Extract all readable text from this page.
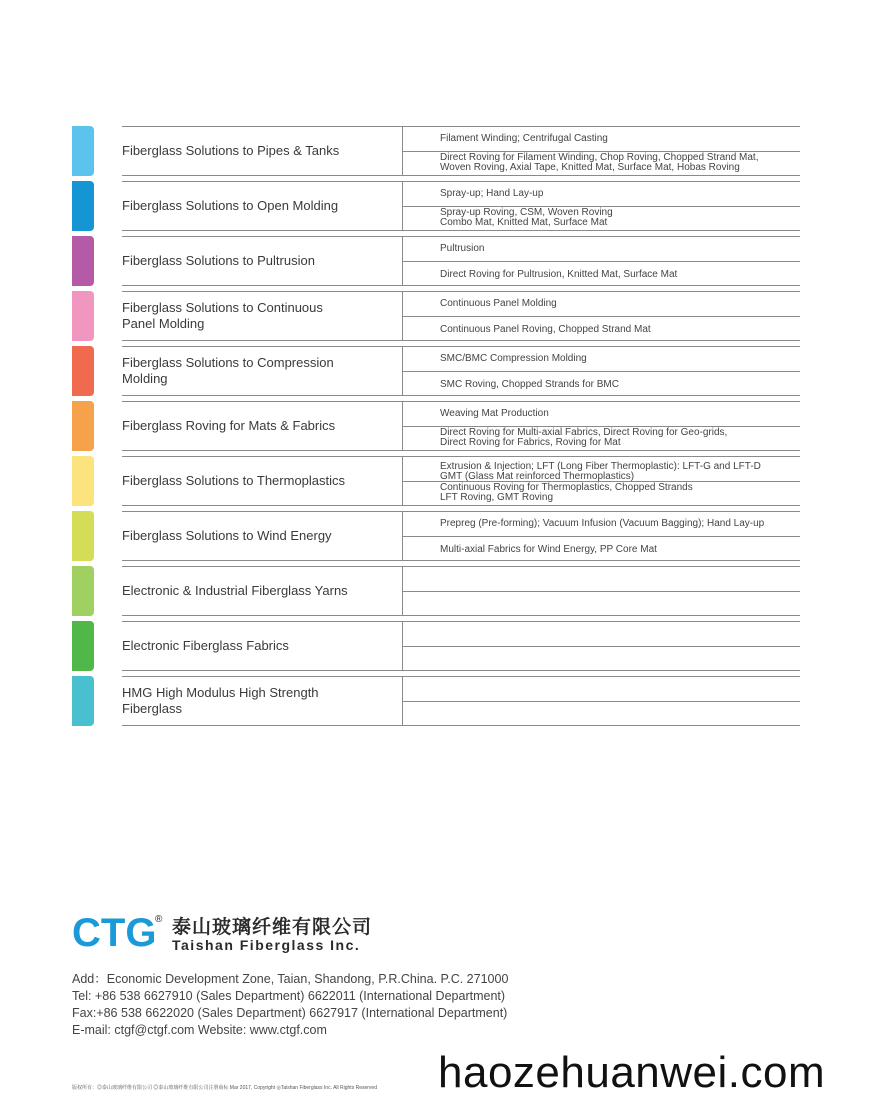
Fiberglass Solutions to Pipes & Tanks
Filament Winding; Centrifugal Casting
Direct Roving for Filament Winding, Chop Roving, Chopped Strand Mat,
Woven Roving, Axial Tape, Knitted Mat, Surface Mat, Hobas Roving
Fiberglass Solutions to Open Molding
Spray-up; Hand Lay-up
Spray-up Roving, CSM, Woven Roving
Combo Mat, Knitted Mat, Surface Mat
Fiberglass Solutions to Pultrusion
Pultrusion
Direct Roving for Pultrusion, Knitted Mat, Surface Mat
Fiberglass Solutions to Continuous
Panel Molding
Continuous Panel Molding
Continuous Panel Roving, Chopped Strand Mat
Fiberglass Solutions to Compression
Molding
SMC/BMC Compression Molding
SMC Roving, Chopped Strands for BMC
Fiberglass Roving for Mats & Fabrics
Weaving Mat Production
Direct Roving for Multi-axial Fabrics, Direct Roving for Geo-grids,
Direct Roving for Fabrics, Roving for Mat
Fiberglass Solutions to Thermoplastics
Extrusion & Injection; LFT (Long Fiber Thermoplastic): LFT-G and LFT-D
GMT (Glass Mat reinforced Thermoplastics)
Continuous Roving for Thermoplastics, Chopped Strands
LFT Roving, GMT Roving
Fiberglass Solutions to Wind Energy
Prepreg (Pre-forming); Vacuum Infusion (Vacuum Bagging); Hand Lay-up
Multi-axial Fabrics for Wind Energy, PP Core Mat
Electronic & Industrial Fiberglass Yarns
Electronic Fiberglass Fabrics
HMG High Modulus High Strength
Fiberglass
CTG
® 泰山玻璃纤维有限公司
Taishan Fiberglass Inc.
Add：Economic Development Zone, Taian, Shandong, P.R.China. P.C. 271000
Tel: +86 538 6627910 (Sales Department) 6622011 (International Department)
Fax:+86 538 6622020 (Sales Department) 6627917 (International Department)
E-mail: ctgf@ctgf.com Website: www.ctgf.com
版权所有：◎泰山玻璃纤维有限公司 ◎泰山玻璃纤维有限公司注册商标 Mar 2017, Copyright ◎Taishan Fiberglass Inc. All Rights Reserved haozehuanwei.com
